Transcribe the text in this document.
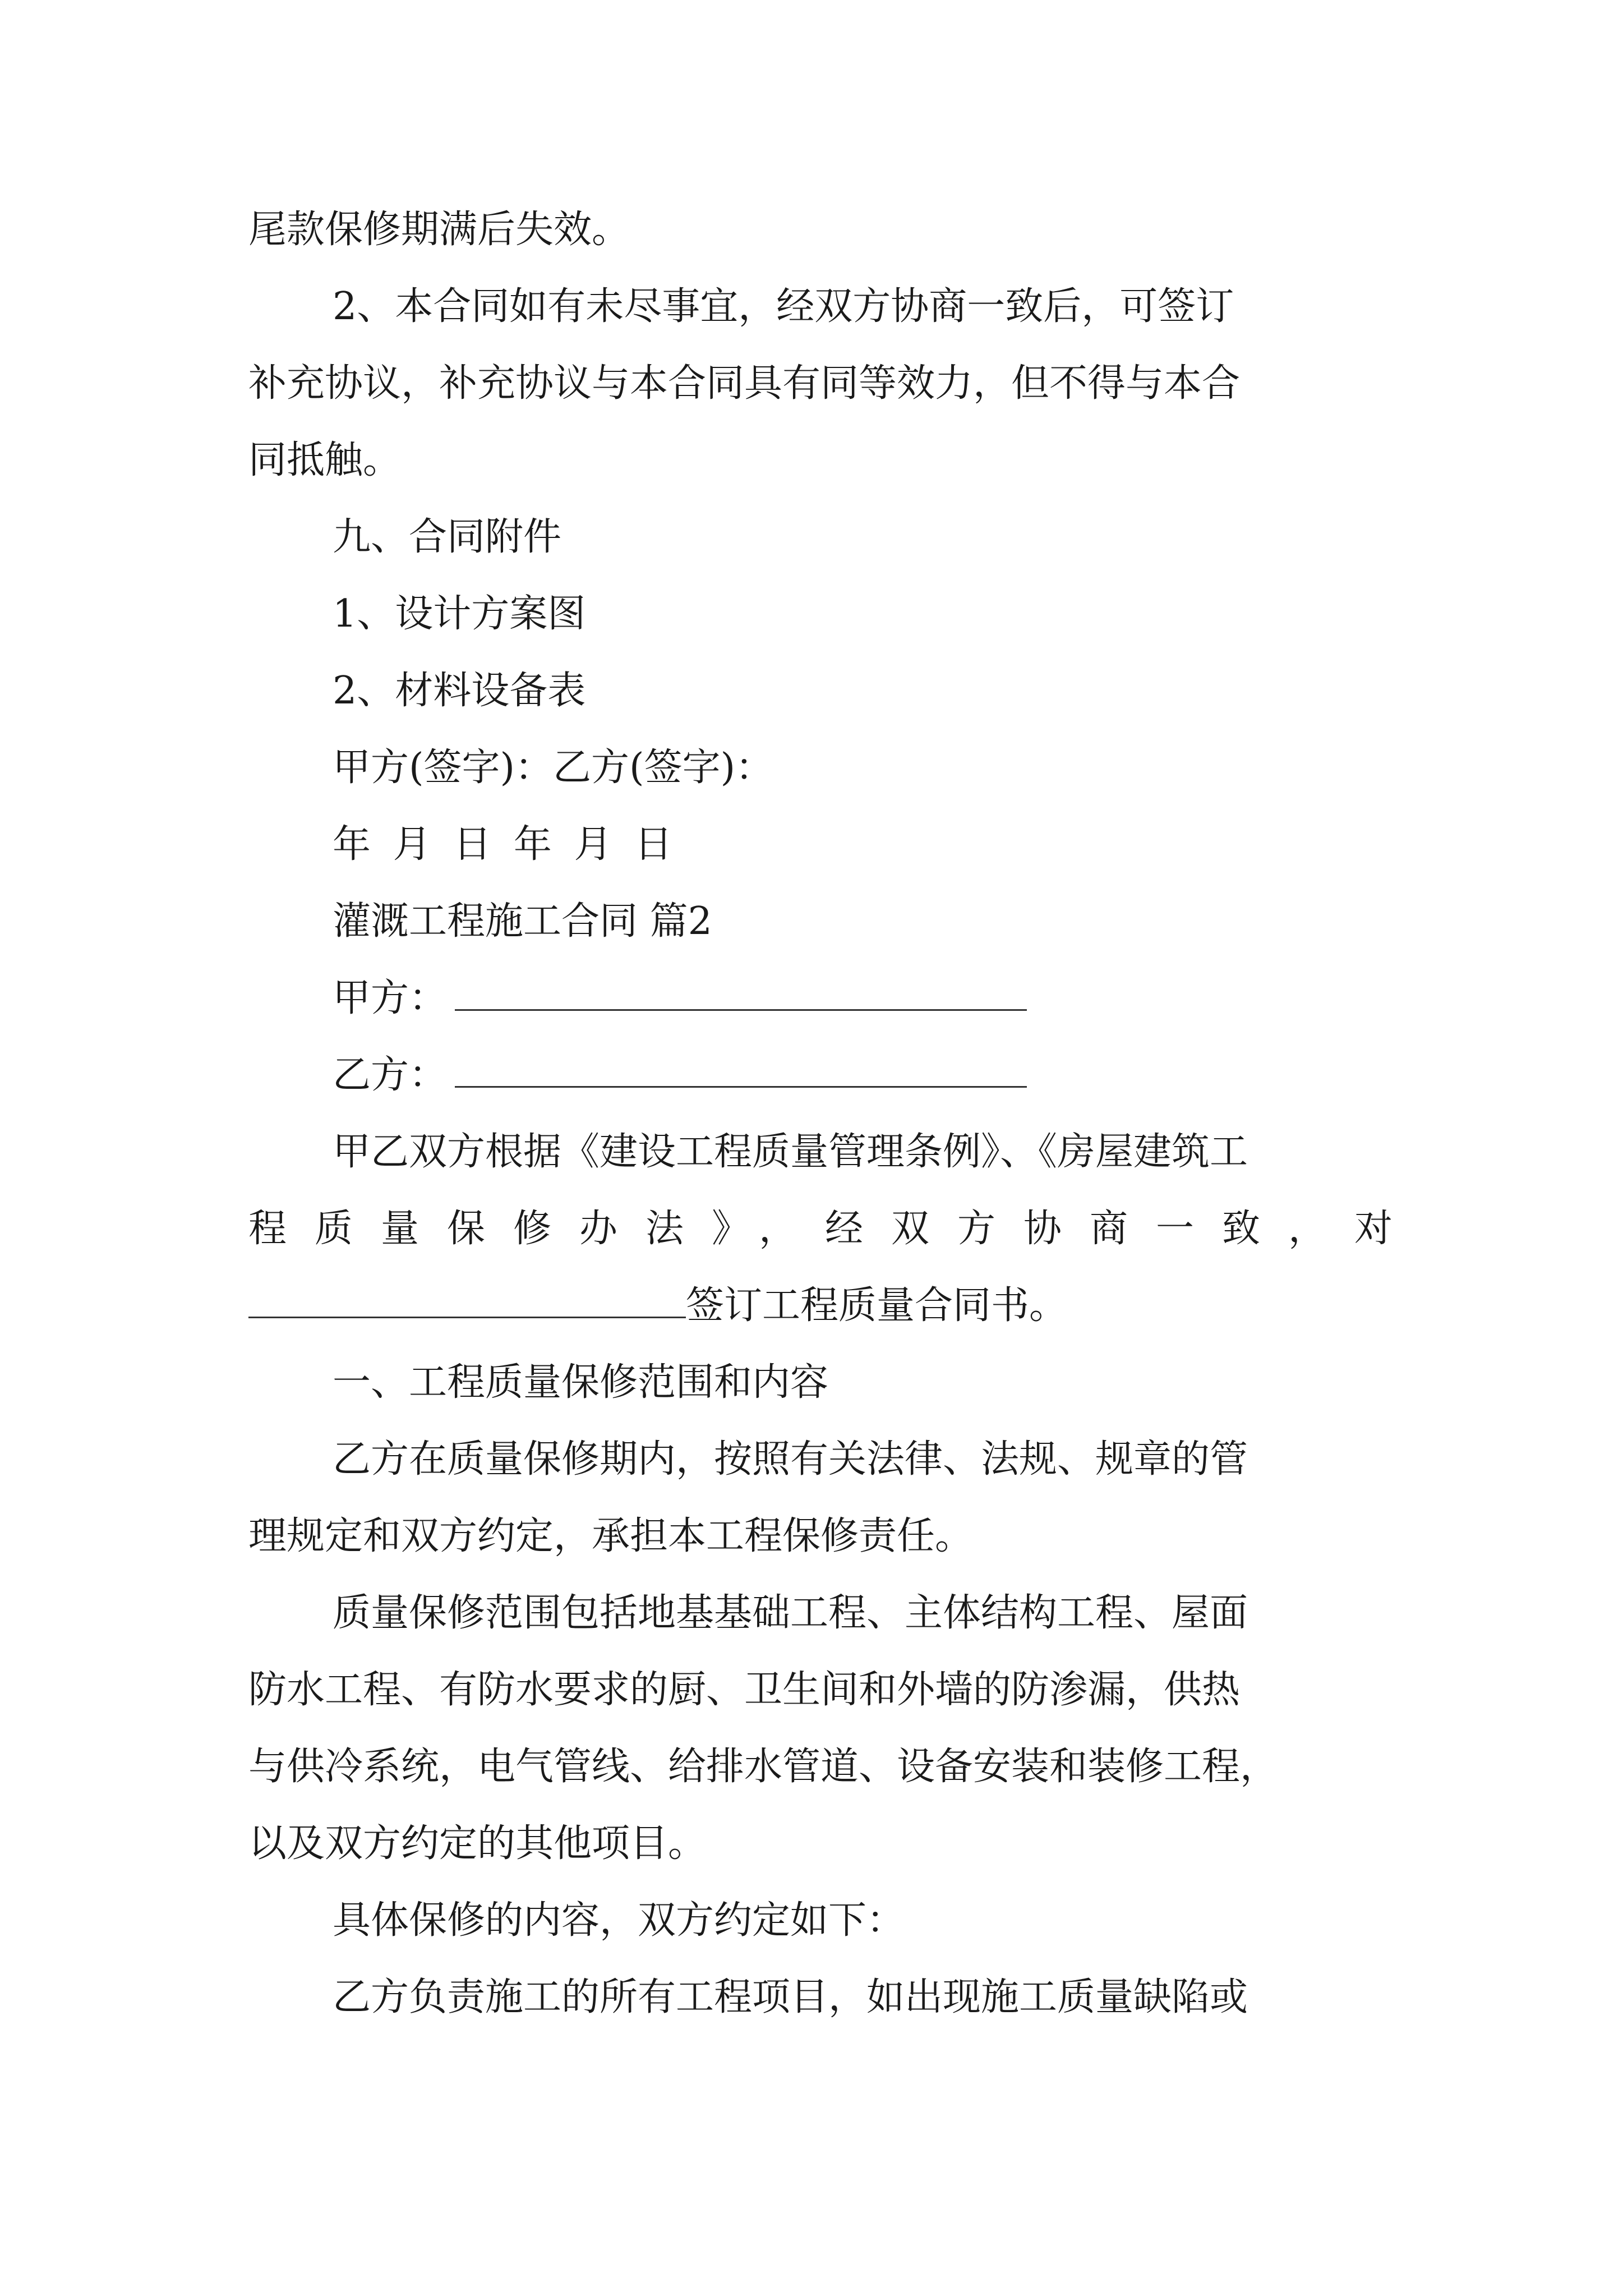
尾款保修期满后失效。
2、本合同如有未尽事宜，经双方协商一致后，可签订
补充协议，补充协议与本合同具有同等效力，但不得与本合
同抵触。
九、合同附件
1、设计方案图
2、材料设备表
甲方(签字)：乙方(签字)：
年 月 日 年 月 日
灌溉工程施工合同 篇2
甲方：
乙方：
甲乙双方根据《建设工程质量管理条例》、《房屋建筑工
程质量保修办法》，经双方协商一致，对
签订工程质量合同书。
一、工程质量保修范围和内容
乙方在质量保修期内，按照有关法律、法规、规章的管
理规定和双方约定，承担本工程保修责任。
质量保修范围包括地基基础工程、主体结构工程、屋面
防水工程、有防水要求的厨、卫生间和外墙的防渗漏，供热
与供冷系统，电气管线、给排水管道、设备安装和装修工程，
以及双方约定的其他项目。
具体保修的内容，双方约定如下：
乙方负责施工的所有工程项目，如出现施工质量缺陷或
